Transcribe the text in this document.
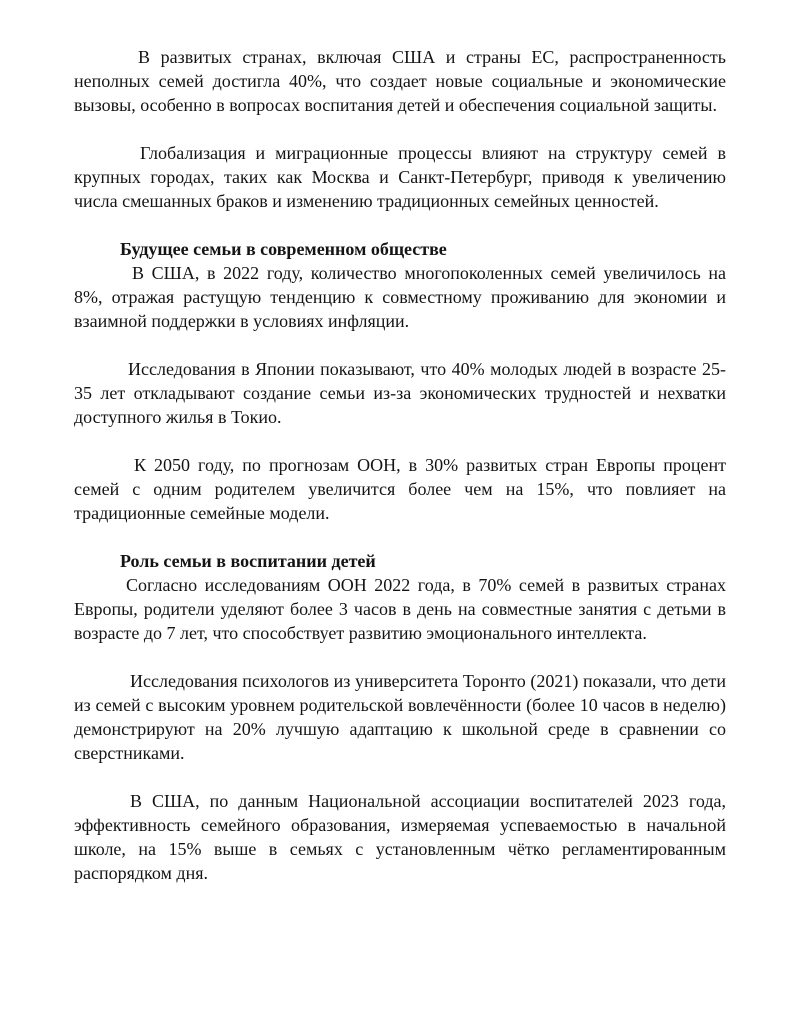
В развитых странах, включая США и страны ЕС, распространенность неполных семей достигла 40%, что создает новые социальные и экономические вызовы, особенно в вопросах воспитания детей и обеспечения социальной защиты.

Глобализация и миграционные процессы влияют на структуру семей в крупных городах, таких как Москва и Санкт-Петербург, приводя к увеличению числа смешанных браков и изменению традиционных семейных ценностей.

Будущее семьи в современном обществе

В США, в 2022 году, количество многопоколенных семей увеличилось на 8%, отражая растущую тенденцию к совместному проживанию для экономии и взаимной поддержки в условиях инфляции.

Исследования в Японии показывают, что 40% молодых людей в возрасте 25-35 лет откладывают создание семьи из-за экономических трудностей и нехватки доступного жилья в Токио.

К 2050 году, по прогнозам ООН, в 30% развитых стран Европы процент семей с одним родителем увеличится более чем на 15%, что повлияет на традиционные семейные модели.

Роль семьи в воспитании детей

Согласно исследованиям ООН 2022 года, в 70% семей в развитых странах Европы, родители уделяют более 3 часов в день на совместные занятия с детьми в возрасте до 7 лет, что способствует развитию эмоционального интеллекта.

Исследования психологов из университета Торонто (2021) показали, что дети из семей с высоким уровнем родительской вовлечённости (более 10 часов в неделю) демонстрируют на 20% лучшую адаптацию к школьной среде в сравнении со сверстниками.

В США, по данным Национальной ассоциации воспитателей 2023 года, эффективность семейного образования, измеряемая успеваемостью в начальной школе, на 15% выше в семьях с установленным чётко регламентированным распорядком дня.
